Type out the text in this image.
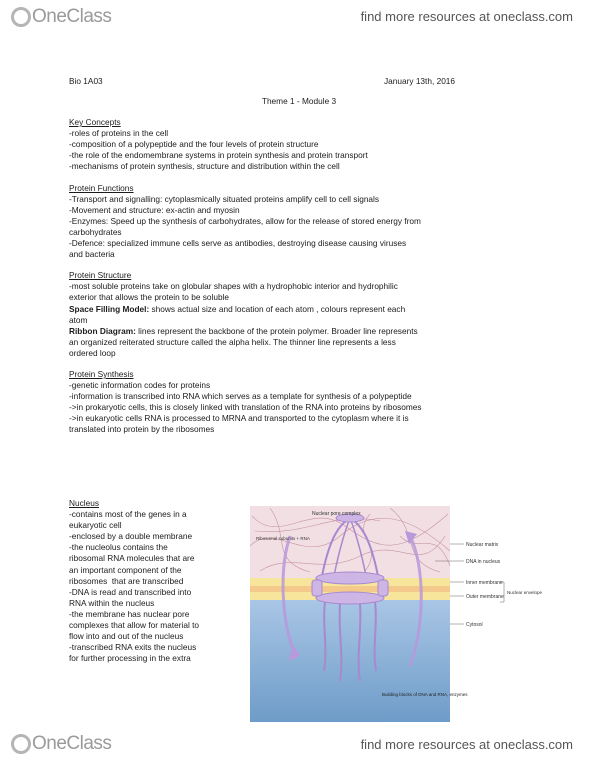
OneClass	find more resources at oneclass.com
Bio 1A03	January 13th, 2016
Theme 1 - Module 3
Key Concepts
-roles of proteins in the cell
-composition of a polypeptide and the four levels of protein structure
-the role of the endomembrane systems in protein synthesis and protein transport
-mechanisms of protein synthesis, structure and distribution within the cell
Protein Functions
-Transport and signalling: cytoplasmically situated proteins amplify cell to cell signals
-Movement and structure: ex-actin and myosin
-Enzymes: Speed up the synthesis of carbohydrates, allow for the release of stored energy from
carbohydrates
-Defence: specialized immune cells serve as antibodies, destroying disease causing viruses
and bacteria
Protein Structure
-most soluble proteins take on globular shapes with a hydrophobic interior and hydrophilic
exterior that allows the protein to be soluble
Space Filling Model: shows actual size and location of each atom , colours represent each
atom
Ribbon Diagram: lines represent the backbone of the protein polymer. Broader line represents
an organized reiterated structure called the alpha helix. The thinner line represents a less
ordered loop
Protein Synthesis
-genetic information codes for proteins
-information is transcribed into RNA which serves as a template for synthesis of a polypeptide
->in prokaryotic cells, this is closely linked with translation of the RNA into proteins by ribosomes
->in eukaryotic cells RNA is processed to MRNA and transported to the cytoplasm where it is
translated into protein by the ribosomes
Nucleus
-contains most of the genes in a
eukaryotic cell
-enclosed by a double membrane
-the nucleolus contains the
ribosomal RNA molecules that are
an important component of the
ribosomes  that are transcribed
-DNA is read and transcribed into
RNA within the nucleus
-the membrane has nuclear pore
complexes that allow for material to
flow into and out of the nucleus
-transcribed RNA exits the nucleus
for further processing in the extra
Nuclear pore complex
Ribosomal subunits + RNA
Nuclear matrix
DNA in nucleus
Inner membrane
Outer membrane
Nuclear envelope
Cytosol
Building blocks of DNA and RNA, enzymes
OneClass	find more resources at oneclass.com
